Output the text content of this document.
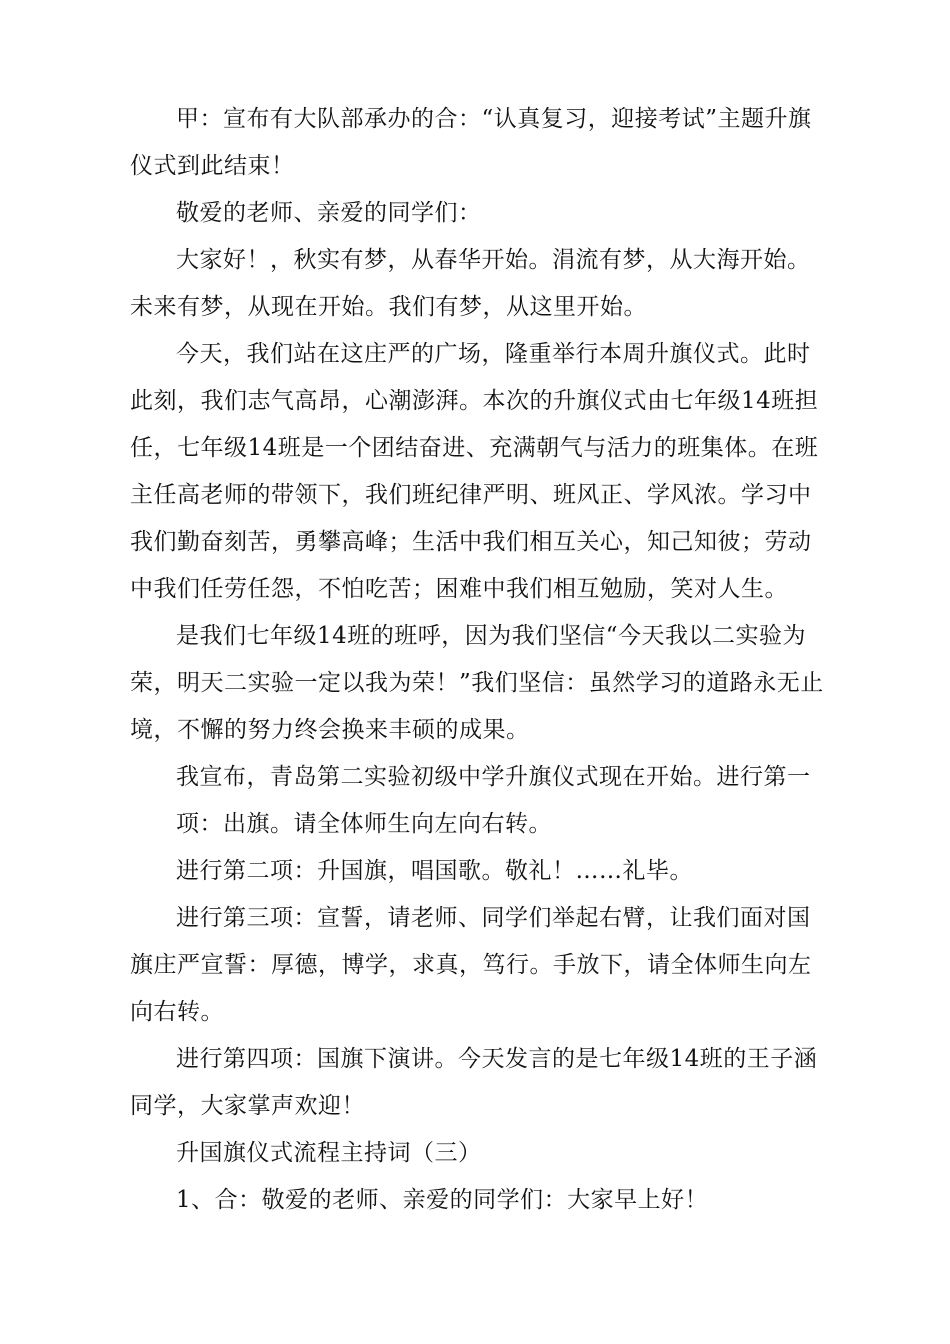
甲：宣布有大队部承办的合：“认真复习，迎接考试”主题升旗仪式到此结束！

敬爱的老师、亲爱的同学们：

大家好！，秋实有梦，从春华开始。涓流有梦，从大海开始。未来有梦，从现在开始。我们有梦，从这里开始。

今天，我们站在这庄严的广场，隆重举行本周升旗仪式。此时此刻，我们志气高昂，心潮澎湃。本次的升旗仪式由七年级14班担任，七年级14班是一个团结奋进、充满朝气与活力的班集体。在班主任高老师的带领下，我们班纪律严明、班风正、学风浓。学习中我们勤奋刻苦，勇攀高峰；生活中我们相互关心，知己知彼；劳动中我们任劳任怨，不怕吃苦；困难中我们相互勉励，笑对人生。

是我们七年级14班的班呼，因为我们坚信“今天我以二实验为荣，明天二实验一定以我为荣！”我们坚信：虽然学习的道路永无止境，不懈的努力终会换来丰硕的成果。

我宣布，青岛第二实验初级中学升旗仪式现在开始。进行第一

项：出旗。请全体师生向左向右转。

进行第二项：升国旗，唱国歌。敬礼！……礼毕。

进行第三项：宣誓，请老师、同学们举起右臂，让我们面对国旗庄严宣誓：厚德，博学，求真，笃行。手放下，请全体师生向左向右转。

进行第四项：国旗下演讲。今天发言的是七年级14班的王子涵同学，大家掌声欢迎！

升国旗仪式流程主持词（三）

1、合：敬爱的老师、亲爱的同学们：大家早上好！
